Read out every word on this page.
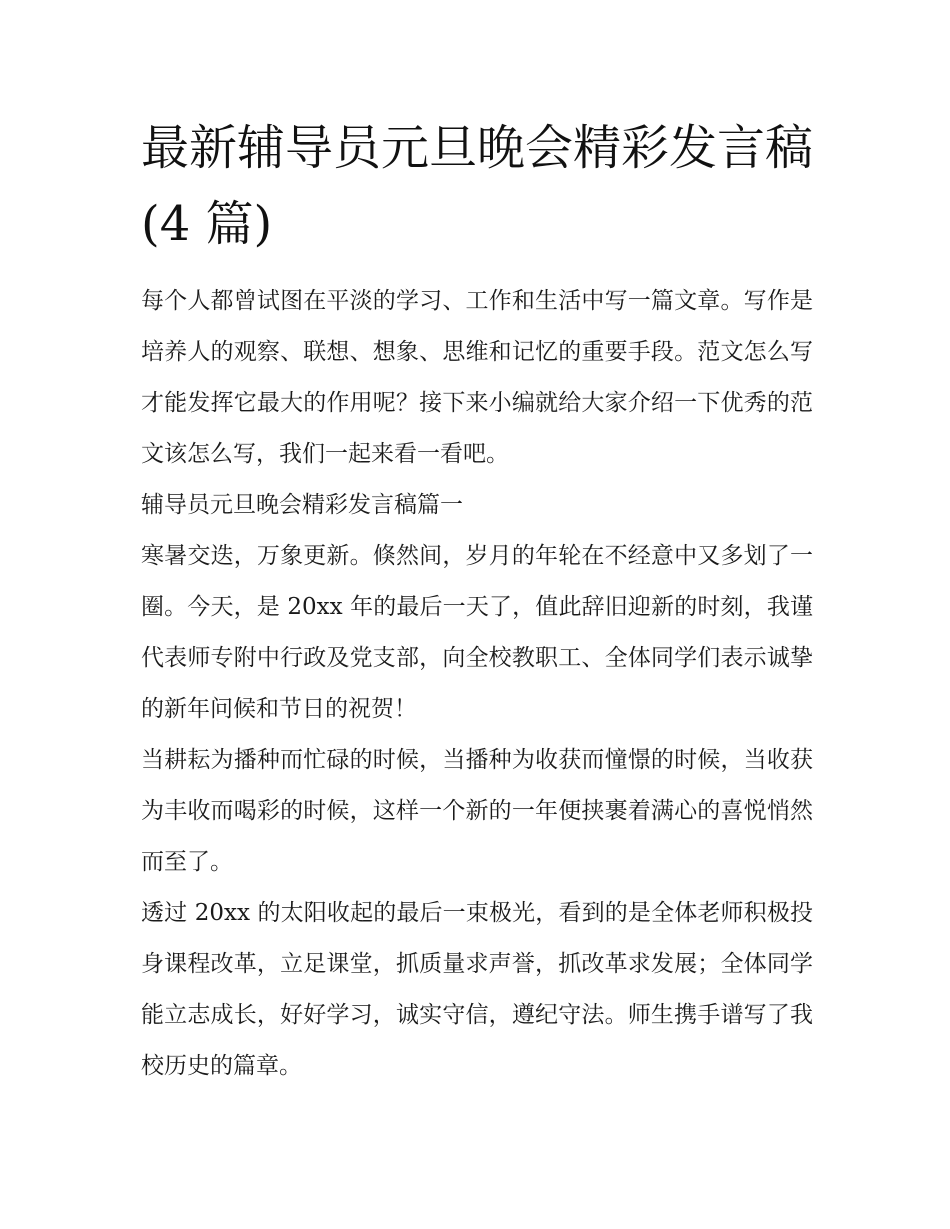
最新辅导员元旦晚会精彩发言稿(4 篇)

每个人都曾试图在平淡的学习、工作和生活中写一篇文章。写作是培养人的观察、联想、想象、思维和记忆的重要手段。范文怎么写才能发挥它最大的作用呢？接下来小编就给大家介绍一下优秀的范文该怎么写，我们一起来看一看吧。

辅导员元旦晚会精彩发言稿篇一

寒暑交迭，万象更新。倏然间，岁月的年轮在不经意中又多划了一圈。今天，是 20xx 年的最后一天了，值此辞旧迎新的时刻，我谨代表师专附中行政及党支部，向全校教职工、全体同学们表示诚挚的新年问候和节日的祝贺！

当耕耘为播种而忙碌的时候，当播种为收获而憧憬的时候，当收获为丰收而喝彩的时候，这样一个新的一年便挟裹着满心的喜悦悄然而至了。

透过 20xx 的太阳收起的最后一束极光，看到的是全体老师积极投身课程改革，立足课堂，抓质量求声誉，抓改革求发展；全体同学能立志成长，好好学习，诚实守信，遵纪守法。师生携手谱写了我校历史的篇章。
